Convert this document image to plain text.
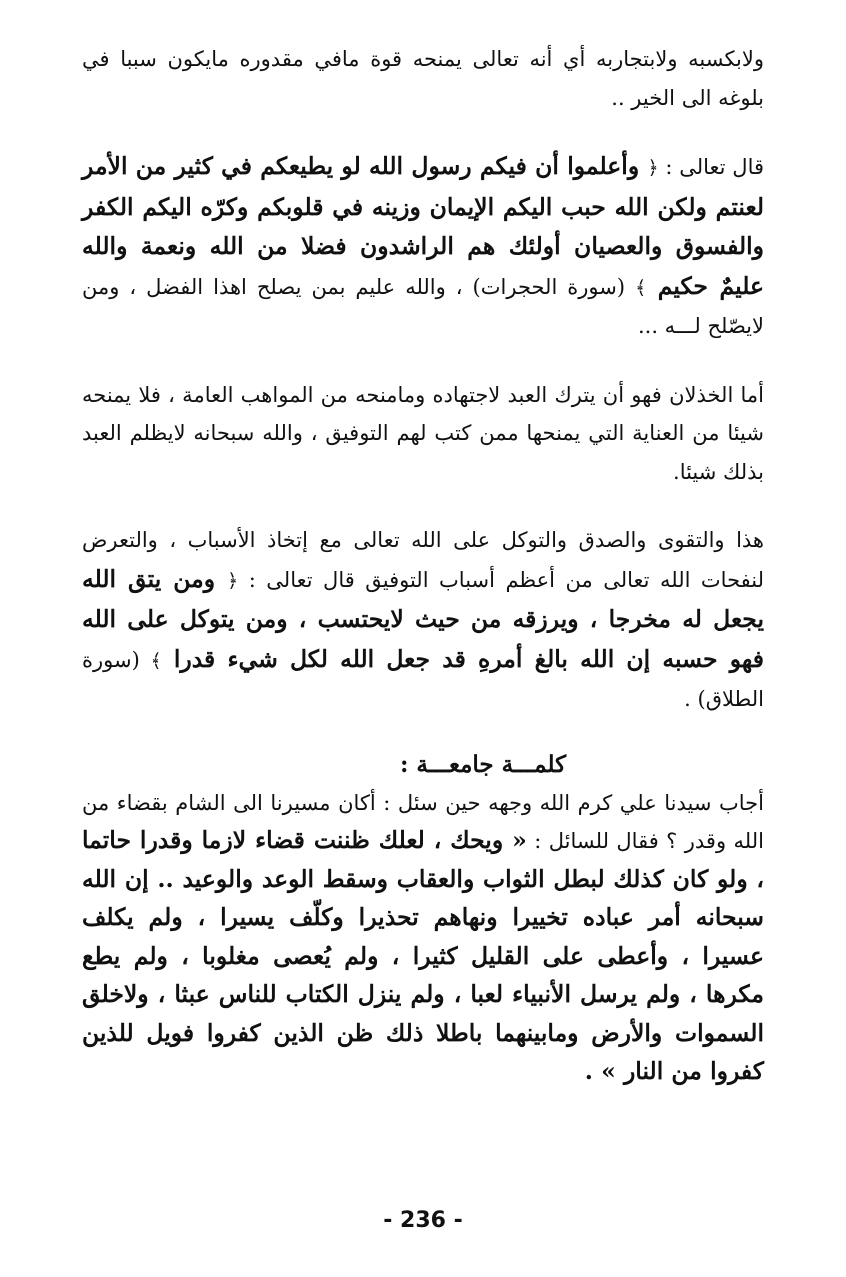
ولابكسبه ولابتجاربه أي أنه تعالى يمنحه قوة مافي مقدوره مايكون سببا في بلوغه الى الخير ..

قال تعالى : ﴿ وأعلموا أن فيكم رسول الله لو يطيعكم في كثير من الأمر لعنتم ولكن الله حبب اليكم الإيمان وزينه في قلوبكم وكرّه اليكم الكفر والفسوق والعصيان أولئك هم الراشدون فضلا من الله ونعمة والله عليمٌ حكيم ﴾ (سورة الحجرات) ، والله عليم بمن يصلح اهذا الفضل ، ومن لايصّلح لـــه ...

أما الخذلان فهو أن يترك العبد لاجتهاده ومامنحه من المواهب العامة ، فلا يمنحه شيئا من العناية التي يمنحها ممن كتب لهم التوفيق ، والله سبحانه لايظلم العبد بذلك شيئا.

هذا والتقوى والصدق والتوكل على الله تعالى مع إتخاذ الأسباب ، والتعرض لنفحات الله تعالى من أعظم أسباب التوفيق قال تعالى : ﴿ ومن يتق الله يجعل له مخرجا ، ويرزقه من حيث لايحتسب ، ومن يتوكل على الله فهو حسبه إن الله بالغ أمرهِ قد جعل الله لكل شيء قدرا ﴾ (سورة الطلاق) .

كلمـــة جامعـــة :

أجاب سيدنا علي كرم الله وجهه حين سئل : أكان مسيرنا الى الشام بقضاء من الله وقدر ؟ فقال للسائل : « ويحك ، لعلك ظننت قضاء لازما وقدرا حاتما ، ولو كان كذلك لبطل الثواب والعقاب وسقط الوعد والوعيد .. إن الله سبحانه أمر عباده تخييرا ونهاهم تحذيرا وكلّف يسيرا ، ولم يكلف عسيرا ، وأعطى على القليل كثيرا ، ولم يُعصى مغلوبا ، ولم يطع مكرها ، ولم يرسل الأنبياء لعبا ، ولم ينزل الكتاب للناس عبثا ، ولاخلق السموات والأرض ومابينهما باطلا ذلك ظن الذين كفروا فويل للذين كفروا من النار » .

- 236 -
